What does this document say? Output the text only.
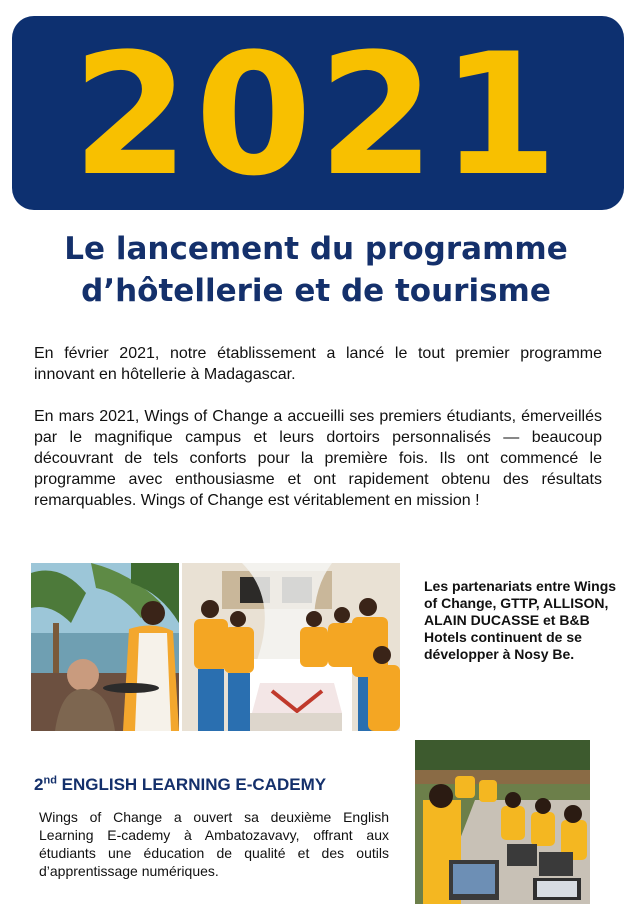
2021
Le lancement du programme
d’hôtellerie et de tourisme

En février 2021, notre établissement a lancé le tout premier programme innovant en hôtellerie à Madagascar.

En mars 2021, Wings of Change a accueilli ses premiers étudiants, émerveillés par le magnifique campus et leurs dortoirs personnalisés — beaucoup découvrant de tels conforts pour la première fois. Ils ont commencé le programme avec enthousiasme et ont rapidement obtenu des résultats remarquables. Wings of Change est véritablement en mission !

Les partenariats entre Wings of Change, GTTP, ALLISON, ALAIN DUCASSE et B&B Hotels continuent de se développer à Nosy Be.
2nd ENGLISH LEARNING E-CADEMY

Wings of Change a ouvert sa deuxième English Learning E-cademy à Ambatozavavy, offrant aux étudiants une éducation de qualité et des outils d’apprentissage numériques.
